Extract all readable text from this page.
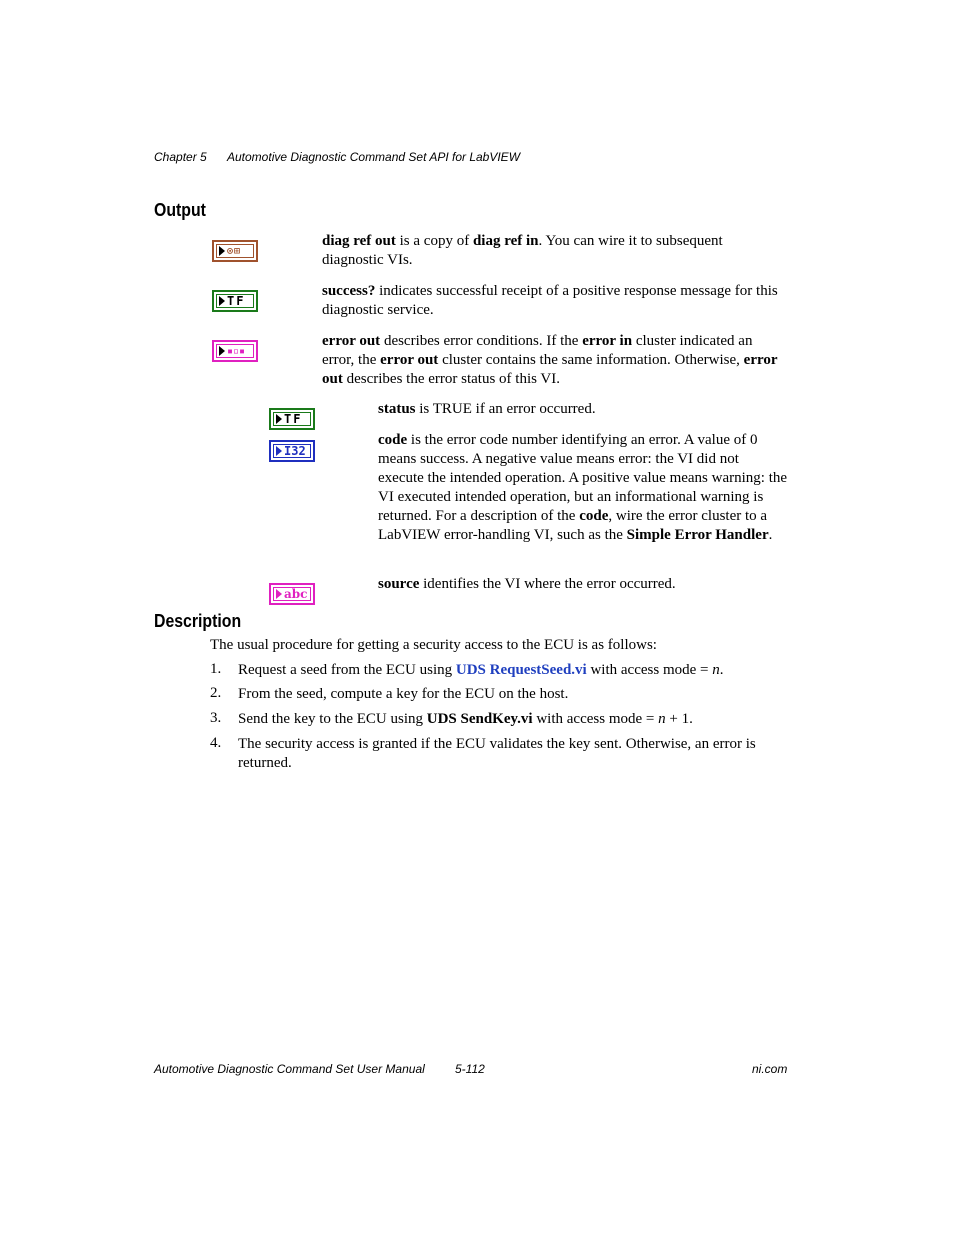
Chapter 5 Automotive Diagnostic Command Set API for LabVIEW
Output
⊙⊞
diag ref out is a copy of diag ref in. You can wire it to subsequent diagnostic VIs.
TF
success? indicates successful receipt of a positive response message for this diagnostic service.
▪▫▪
error out describes error conditions. If the error in cluster indicated an error, the error out cluster contains the same information. Otherwise, error out describes the error status of this VI.
TF
status is TRUE if an error occurred.
I32
code is the error code number identifying an error. A value of 0 means success. A negative value means error: the VI did not execute the intended operation. A positive value means warning: the VI executed intended operation, but an informational warning is returned. For a description of the code, wire the error cluster to a LabVIEW error-handling VI, such as the Simple Error Handler.
abc
source identifies the VI where the error occurred.
Description
The usual procedure for getting a security access to the ECU is as follows:
1. Request a seed from the ECU using UDS RequestSeed.vi with access mode = n.
2. From the seed, compute a key for the ECU on the host.
3. Send the key to the ECU using UDS SendKey.vi with access mode = n + 1.
4. The security access is granted if the ECU validates the key sent. Otherwise, an error is returned.
Automotive Diagnostic Command Set User Manual	5-112	ni.com
